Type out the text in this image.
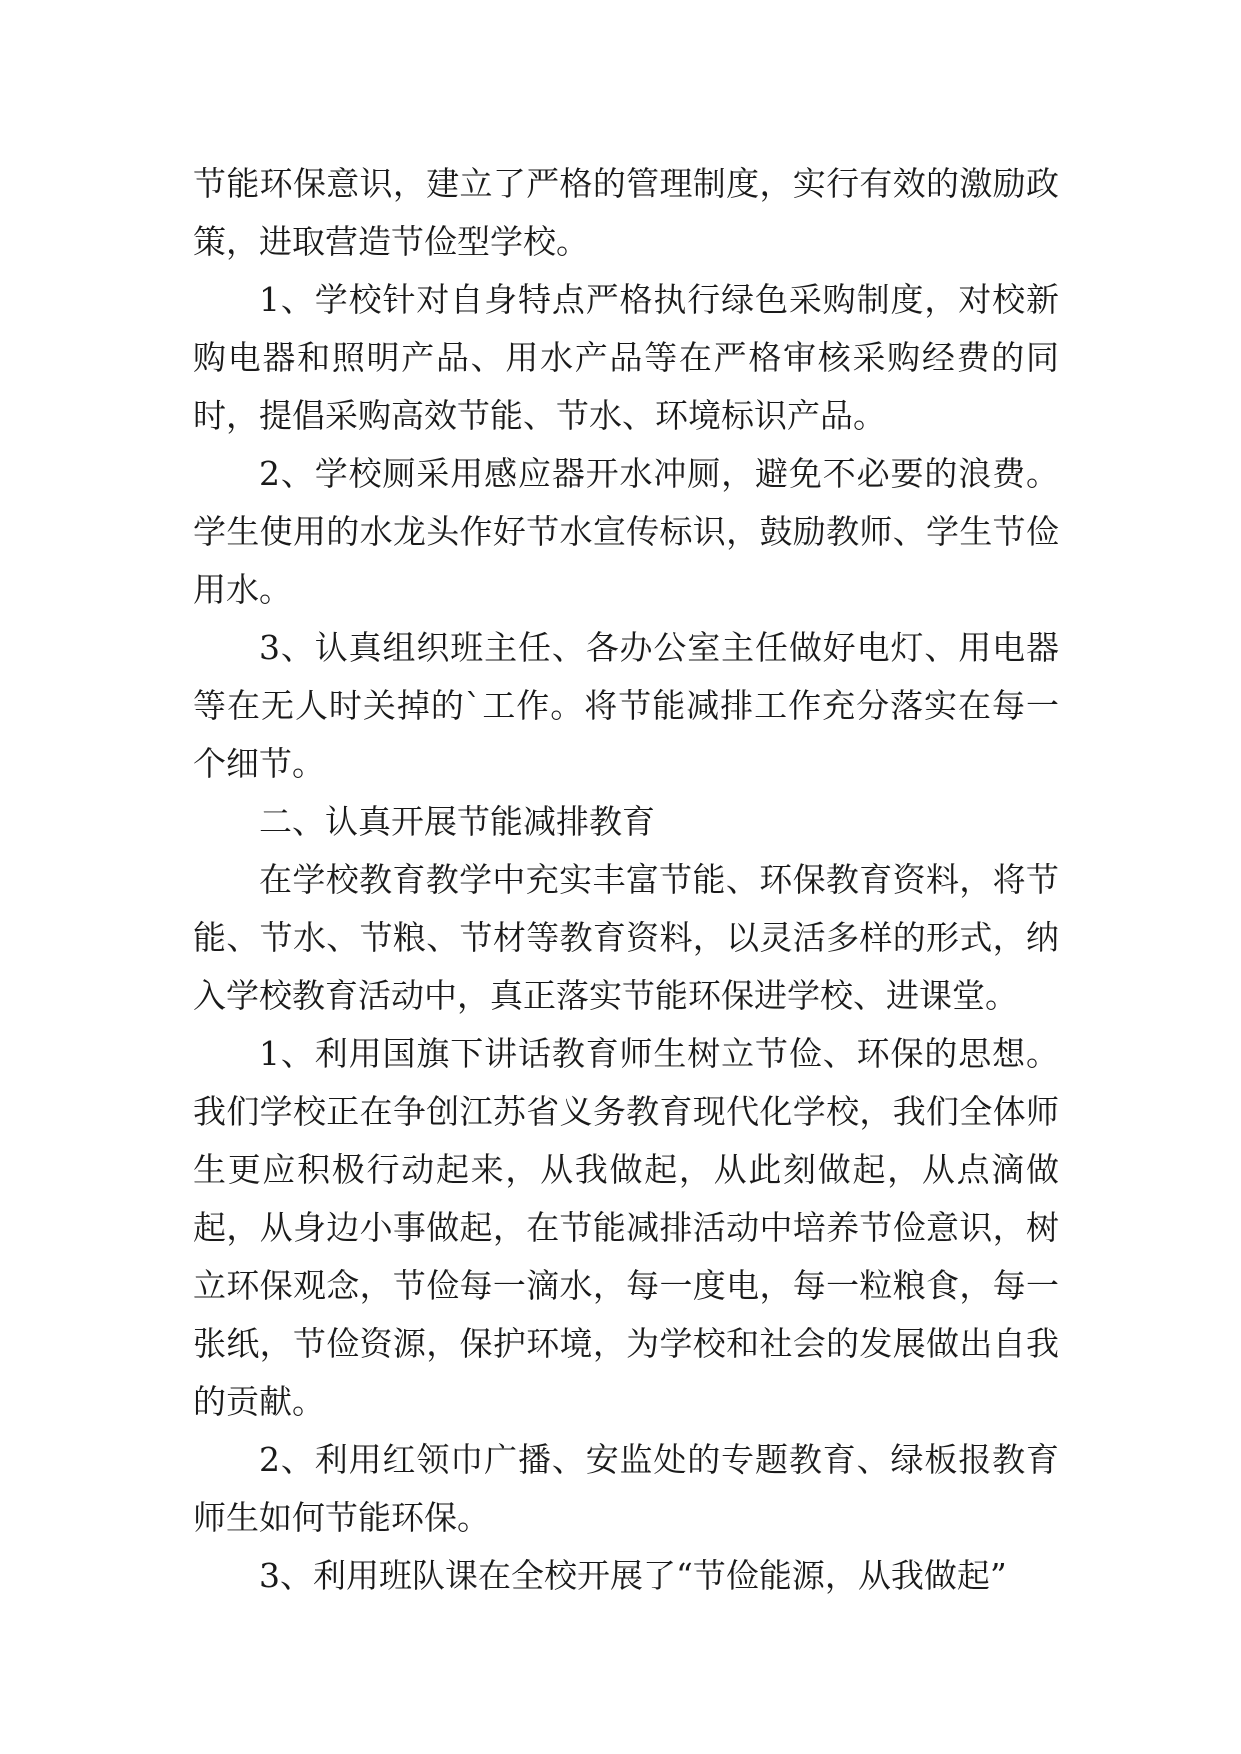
节能环保意识，建立了严格的管理制度，实行有效的激励政策，进取营造节俭型学校。

1、学校针对自身特点严格执行绿色采购制度，对校新购电器和照明产品、用水产品等在严格审核采购经费的同时，提倡采购高效节能、节水、环境标识产品。

2、学校厕采用感应器开水冲厕，避免不必要的浪费。学生使用的水龙头作好节水宣传标识，鼓励教师、学生节俭用水。

3、认真组织班主任、各办公室主任做好电灯、用电器等在无人时关掉的`工作。将节能减排工作充分落实在每一个细节。

二、认真开展节能减排教育

在学校教育教学中充实丰富节能、环保教育资料，将节能、节水、节粮、节材等教育资料，以灵活多样的形式，纳入学校教育活动中，真正落实节能环保进学校、进课堂。

1、利用国旗下讲话教育师生树立节俭、环保的思想。我们学校正在争创江苏省义务教育现代化学校，我们全体师生更应积极行动起来，从我做起，从此刻做起，从点滴做起，从身边小事做起，在节能减排活动中培养节俭意识，树立环保观念，节俭每一滴水，每一度电，每一粒粮食，每一张纸，节俭资源，保护环境，为学校和社会的发展做出自我的贡献。

2、利用红领巾广播、安监处的专题教育、绿板报教育师生如何节能环保。

3、利用班队课在全校开展了“节俭能源，从我做起”
